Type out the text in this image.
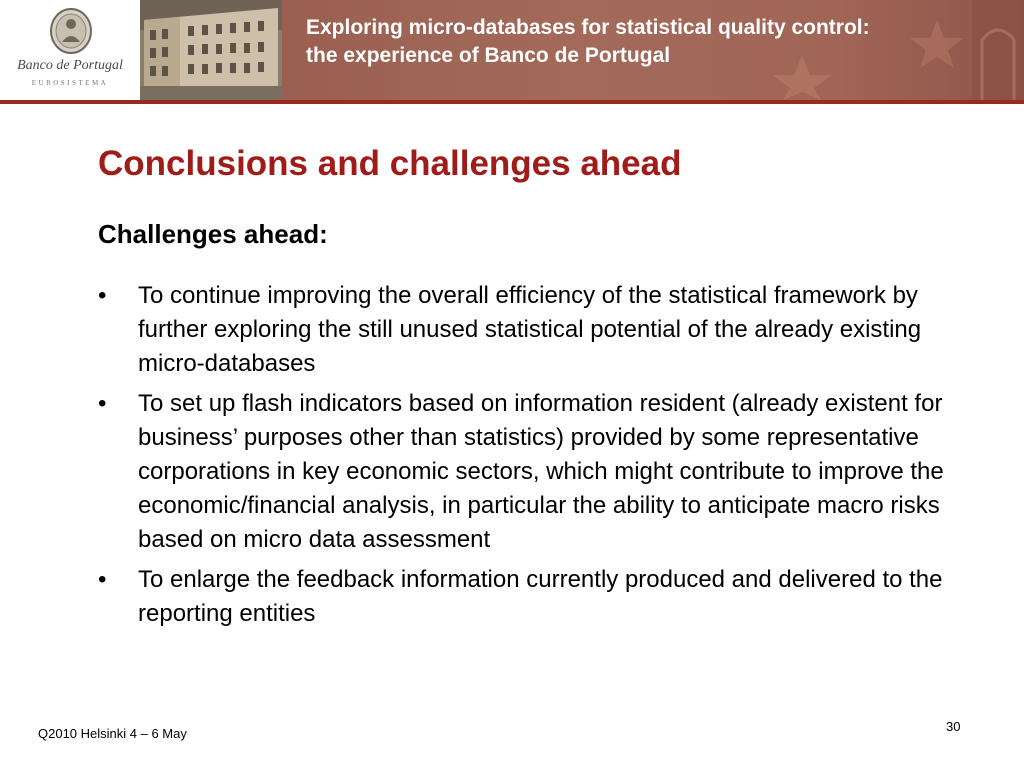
Banco de Portugal
EUROSISTEMA
Exploring micro-databases for statistical quality control:
the experience of Banco de Portugal
Conclusions and challenges ahead
Challenges ahead:
• To continue improving the overall efficiency of the statistical framework by further exploring the still unused statistical potential of the already existing micro-databases
• To set up flash indicators based on information resident (already existent for business’ purposes other than statistics) provided by some representative corporations in key economic sectors, which might contribute to improve the economic/financial analysis, in particular the ability to anticipate macro risks based on micro data assessment
• To enlarge the feedback information currently produced and delivered to the reporting entities
Q2010 Helsinki 4 – 6 May	30
